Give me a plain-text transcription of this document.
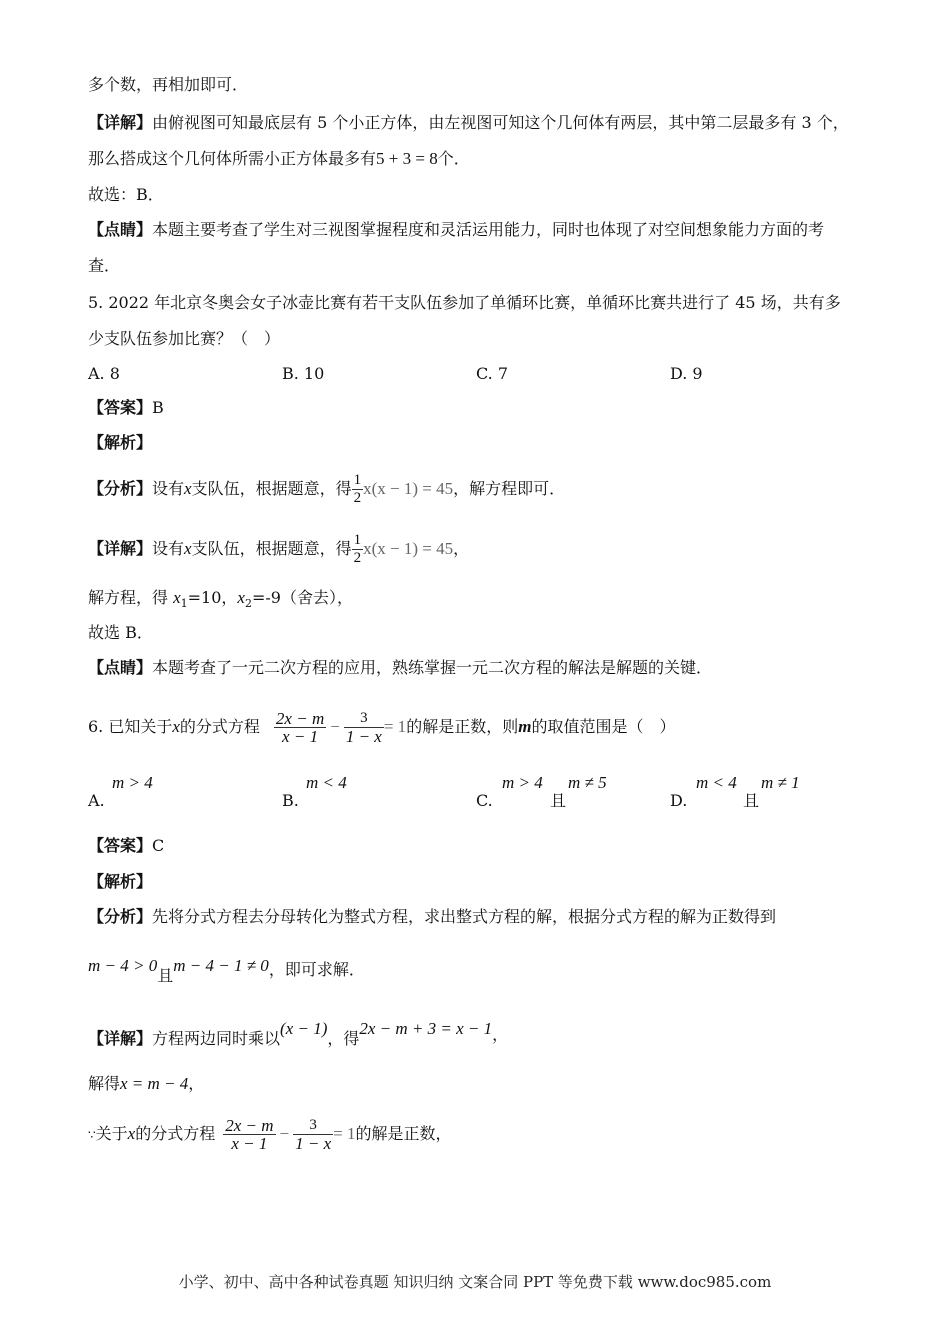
多个数，再相加即可．
【详解】由俯视图可知最底层有 5 个小正方体，由左视图可知这个几何体有两层，其中第二层最多有 3 个，
那么搭成这个几何体所需小正方体最多有5 + 3 = 8个．
故选：B．
【点睛】本题主要考查了学生对三视图掌握程度和灵活运用能力，同时也体现了对空间想象能力方面的考
查．
5. 2022 年北京冬奥会女子冰壶比赛有若干支队伍参加了单循环比赛，单循环比赛共进行了 45 场，共有多
少支队伍参加比赛？（　）
A. 8	B. 10	C. 7	D. 9
【答案】B
【解析】
【分析】设有x支队伍，根据题意，得 $\frac{1}{2} x(x - 1) = 45$，解方程即可．
【详解】设有x支队伍，根据题意，得 $\frac{1}{2} x(x - 1) = 45$，
解方程，得 $x_1=10$，$x_2=-9$（舍去），
故选 B．
【点睛】本题考查了一元二次方程的应用，熟练掌握一元二次方程的解法是解题的关键．
6. 已知关于x的分式方程 $\frac{2x - m}{x - 1} - \frac{3}{1 - x} = 1$的解是正数，则m的取值范围是（　）
A.
m > 4
B.
m < 4
C.
m > 4
且
m ≠ 5
D.
m < 4
且
m ≠ 1
【答案】C
【解析】
【分析】先将分式方程去分母转化为整式方程，求出整式方程的解，根据分式方程的解为正数得到
m − 4 > 0且m − 4 − 1 ≠ 0，即可求解．
【详解】方程两边同时乘以(x − 1)，得2x − m + 3 = x − 1，
解得x = m − 4，
∵关于x的分式方程 $\frac{2x - m}{x - 1} - \frac{3}{1 - x} = 1$的解是正数，
小学、初中、高中各种试卷真题 知识归纳 文案合同 PPT 等免费下载 www.doc985.com
